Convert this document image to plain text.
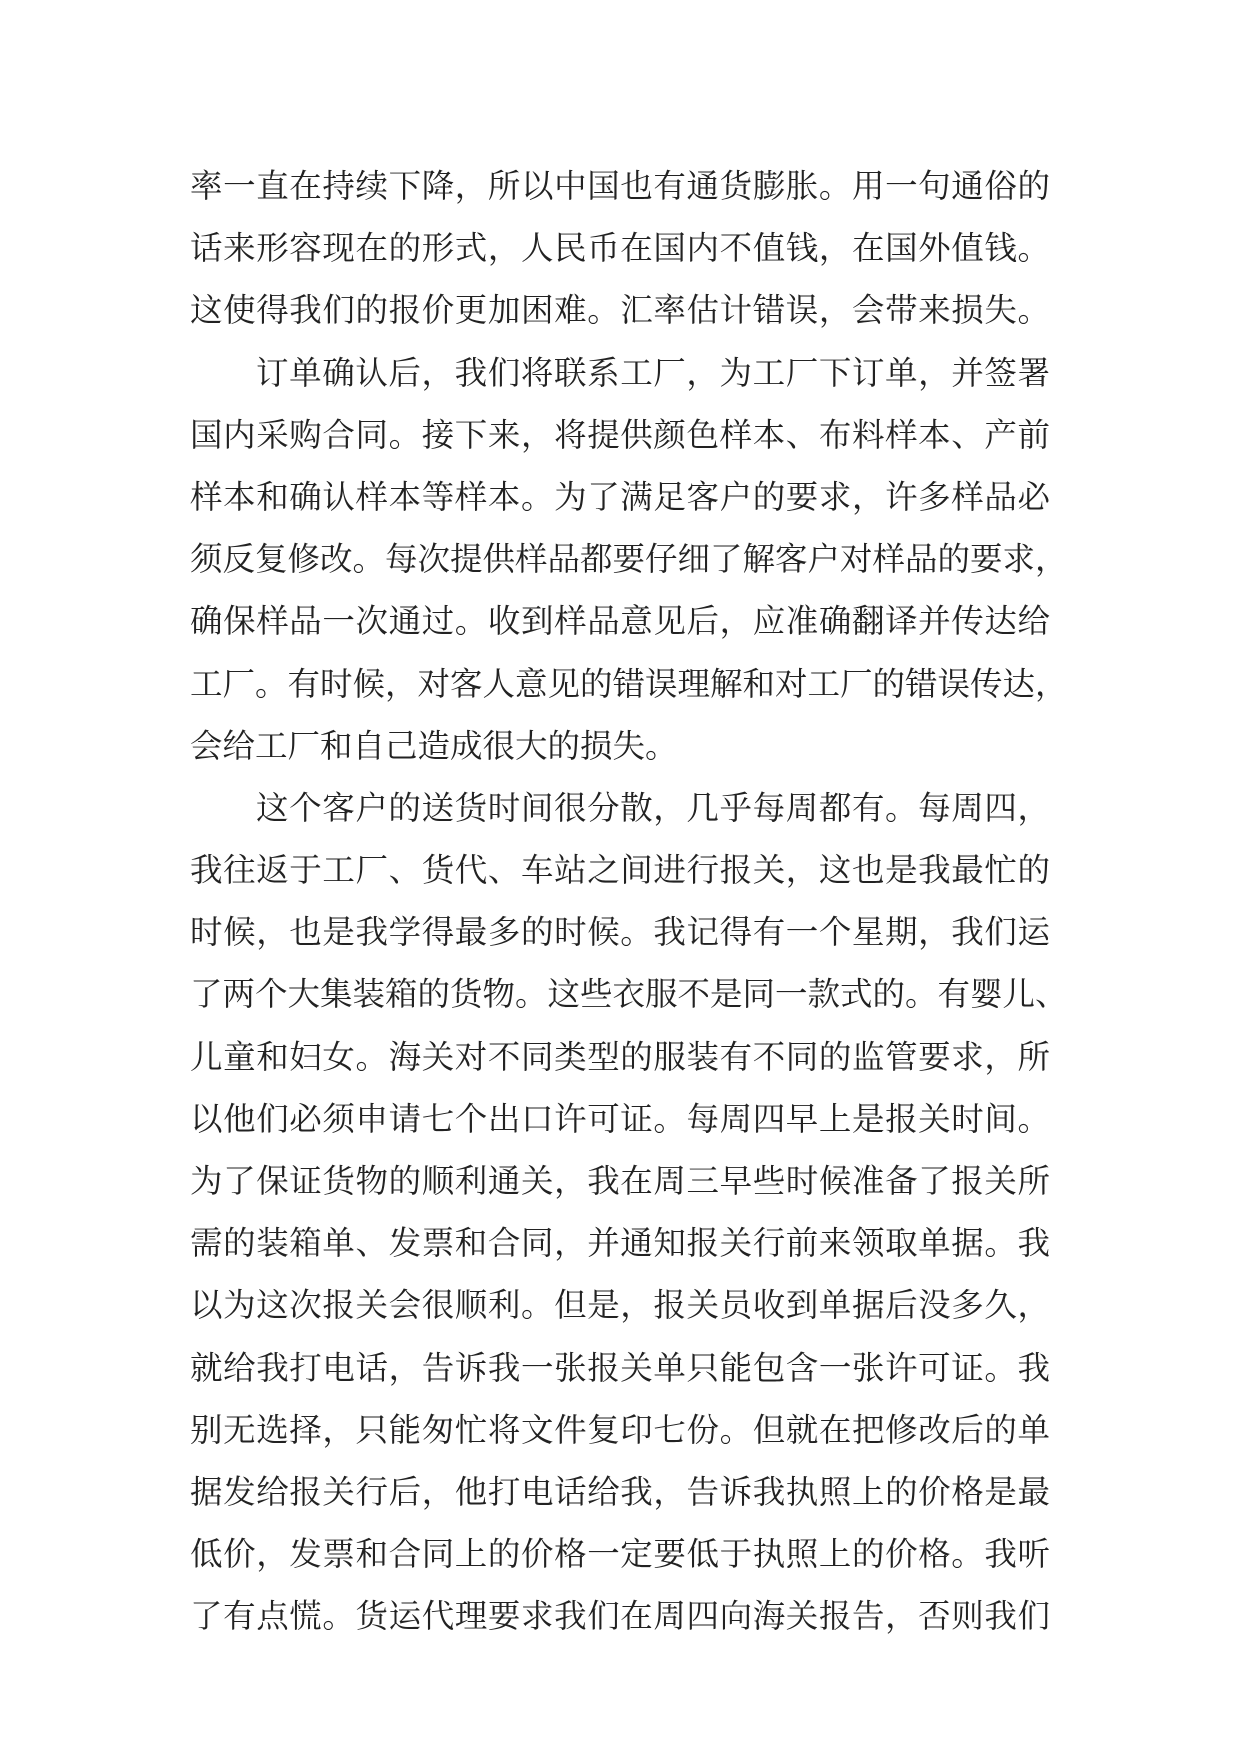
率一直在持续下降，所以中国也有通货膨胀。用一句通俗的
话来形容现在的形式，人民币在国内不值钱，在国外值钱。
这使得我们的报价更加困难。汇率估计错误，会带来损失。
订单确认后，我们将联系工厂，为工厂下订单，并签署
国内采购合同。接下来，将提供颜色样本、布料样本、产前
样本和确认样本等样本。为了满足客户的要求，许多样品必
须反复修改。每次提供样品都要仔细了解客户对样品的要求，
确保样品一次通过。收到样品意见后，应准确翻译并传达给
工厂。有时候，对客人意见的错误理解和对工厂的错误传达，
会给工厂和自己造成很大的损失。
这个客户的送货时间很分散，几乎每周都有。每周四，
我往返于工厂、货代、车站之间进行报关，这也是我最忙的
时候，也是我学得最多的时候。我记得有一个星期，我们运
了两个大集装箱的货物。这些衣服不是同一款式的。有婴儿、
儿童和妇女。海关对不同类型的服装有不同的监管要求，所
以他们必须申请七个出口许可证。每周四早上是报关时间。
为了保证货物的顺利通关，我在周三早些时候准备了报关所
需的装箱单、发票和合同，并通知报关行前来领取单据。我
以为这次报关会很顺利。但是，报关员收到单据后没多久，
就给我打电话，告诉我一张报关单只能包含一张许可证。我
别无选择，只能匆忙将文件复印七份。但就在把修改后的单
据发给报关行后，他打电话给我，告诉我执照上的价格是最
低价，发票和合同上的价格一定要低于执照上的价格。我听
了有点慌。货运代理要求我们在周四向海关报告，否则我们
